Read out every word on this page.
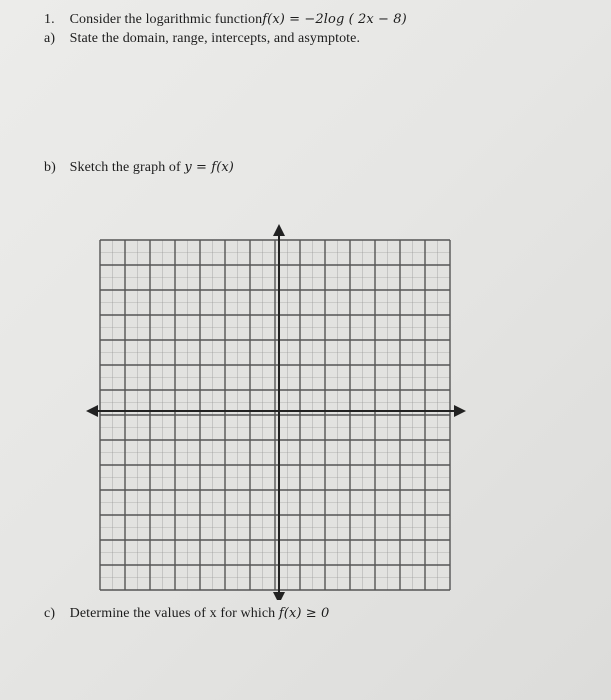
1. Consider the logarithmic functionf(x) = −2log ( 2x − 8)
a) State the domain, range, intercepts, and asymptote.
b) Sketch the graph of y = f(x)
c) Determine the values of x for which f(x) ≥ 0
